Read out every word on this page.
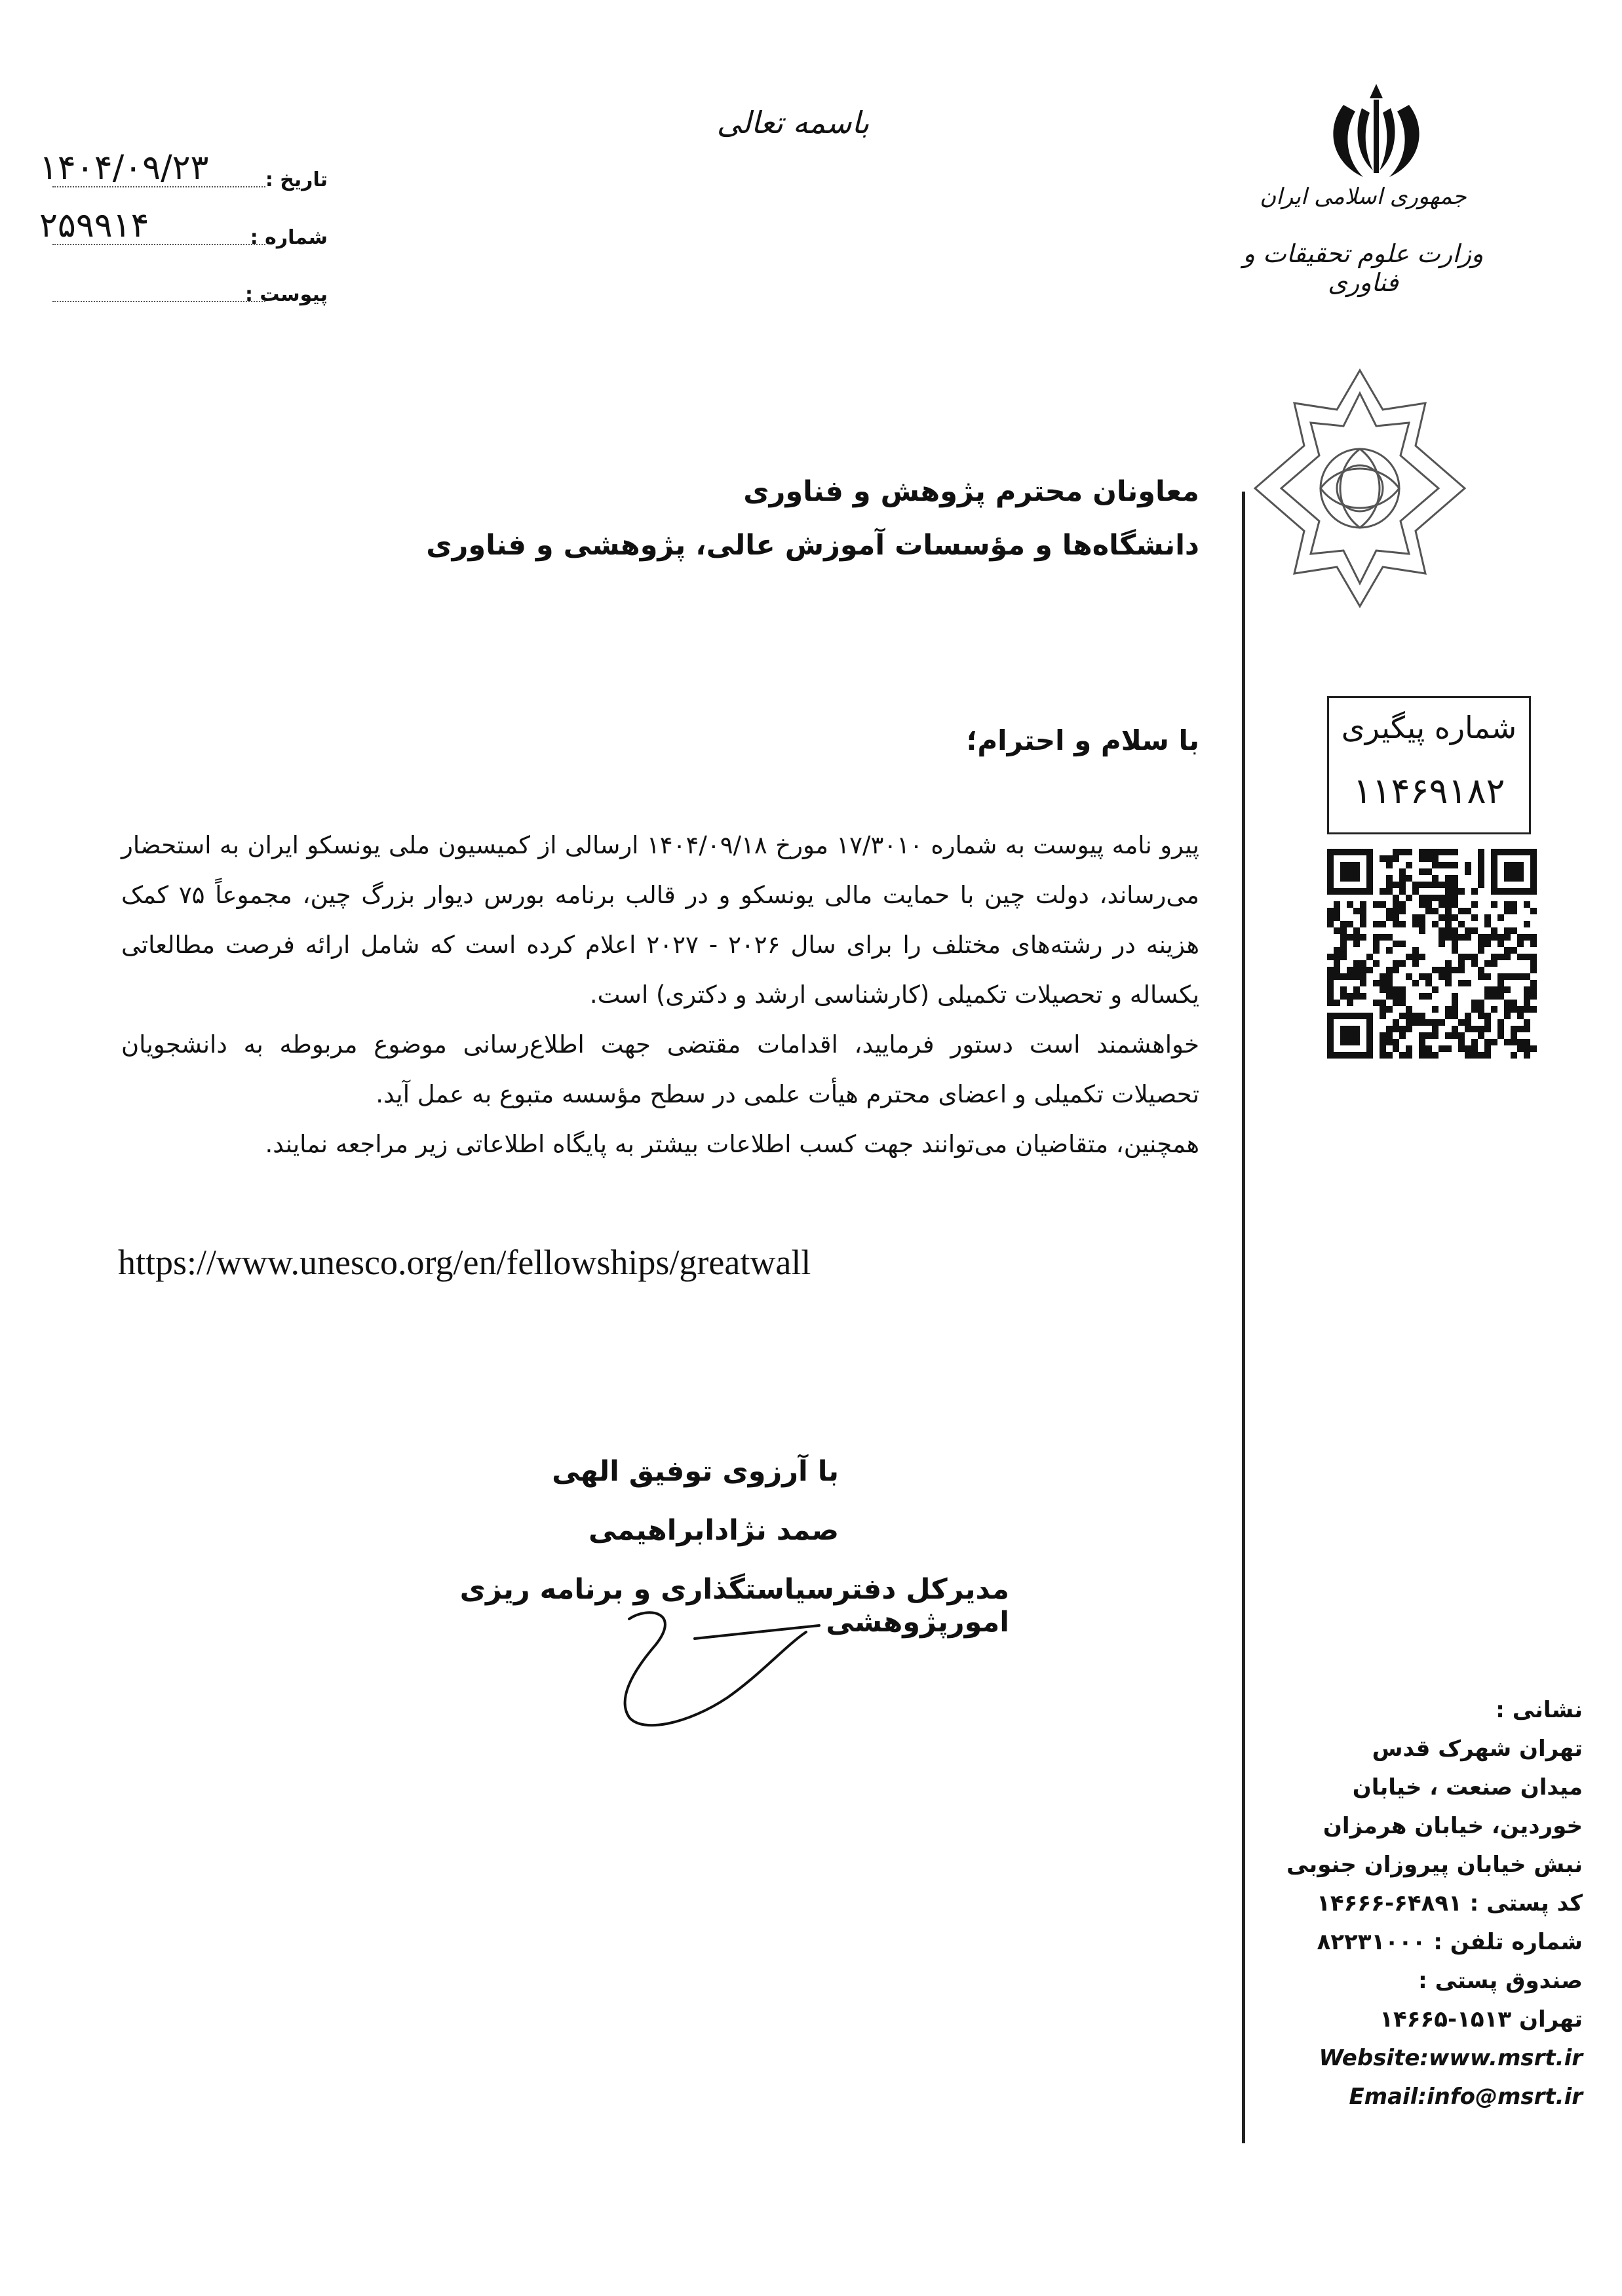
باسمه تعالی
۱۴۰۴/۰۹/۲۳	تاریخ :
۲۵۹۹۱۴	شماره :
پیوست :
جمهوری اسلامی ایران
وزارت علوم تحقیقات و فناوری
شماره پیگیری
۱۱۴۶۹۱۸۲
معاونان محترم پژوهش و فناوری
دانشگاه‌ها و مؤسسات آموزش عالی، پژوهشی و فناوری
با سلام و احترام؛

پیرو نامه پیوست به شماره ۱۷/۳۰۱۰ مورخ ۱۴۰۴/۰۹/۱۸ ارسالی از کمیسیون ملی یونسکو ایران به استحضار می‌رساند، دولت چین با حمایت مالی یونسکو و در قالب برنامه بورس دیوار بزرگ چین، مجموعاً ۷۵ کمک هزینه در رشته‌های مختلف را برای سال ۲۰۲۶ - ۲۰۲۷ اعلام کرده است که شامل ارائه فرصت مطالعاتی یکساله و تحصیلات تکمیلی (کارشناسی ارشد و دکتری) است.

خواهشمند است دستور فرمایید، اقدامات مقتضی جهت اطلاع‌رسانی موضوع مربوطه به دانشجویان تحصیلات تکمیلی و اعضای محترم هیأت علمی در سطح مؤسسه متبوع به عمل آید.

همچنین، متقاضیان می‌توانند جهت کسب اطلاعات بیشتر به پایگاه اطلاعاتی زیر مراجعه نمایند.

https://www.unesco.org/en/fellowships/greatwall
با آرزوی توفیق الهی
صمد نژادابراهیمی
مدیرکل دفترسیاستگذاری و برنامه ریزی امورپژوهشی
نشانی :
تهران شهرک قدس
میدان صنعت ، خیابان
خوردین، خیابان هرمزان
نبش خیابان پیروزان جنوبی
کد پستی : ۶۴۸۹۱-۱۴۶۶۶
شماره تلفن : ۸۲۲۳۱۰۰۰
صندوق پستی :
تهران ۱۵۱۳-۱۴۶۶۵
Website:www.msrt.ir
Email:info@msrt.ir
